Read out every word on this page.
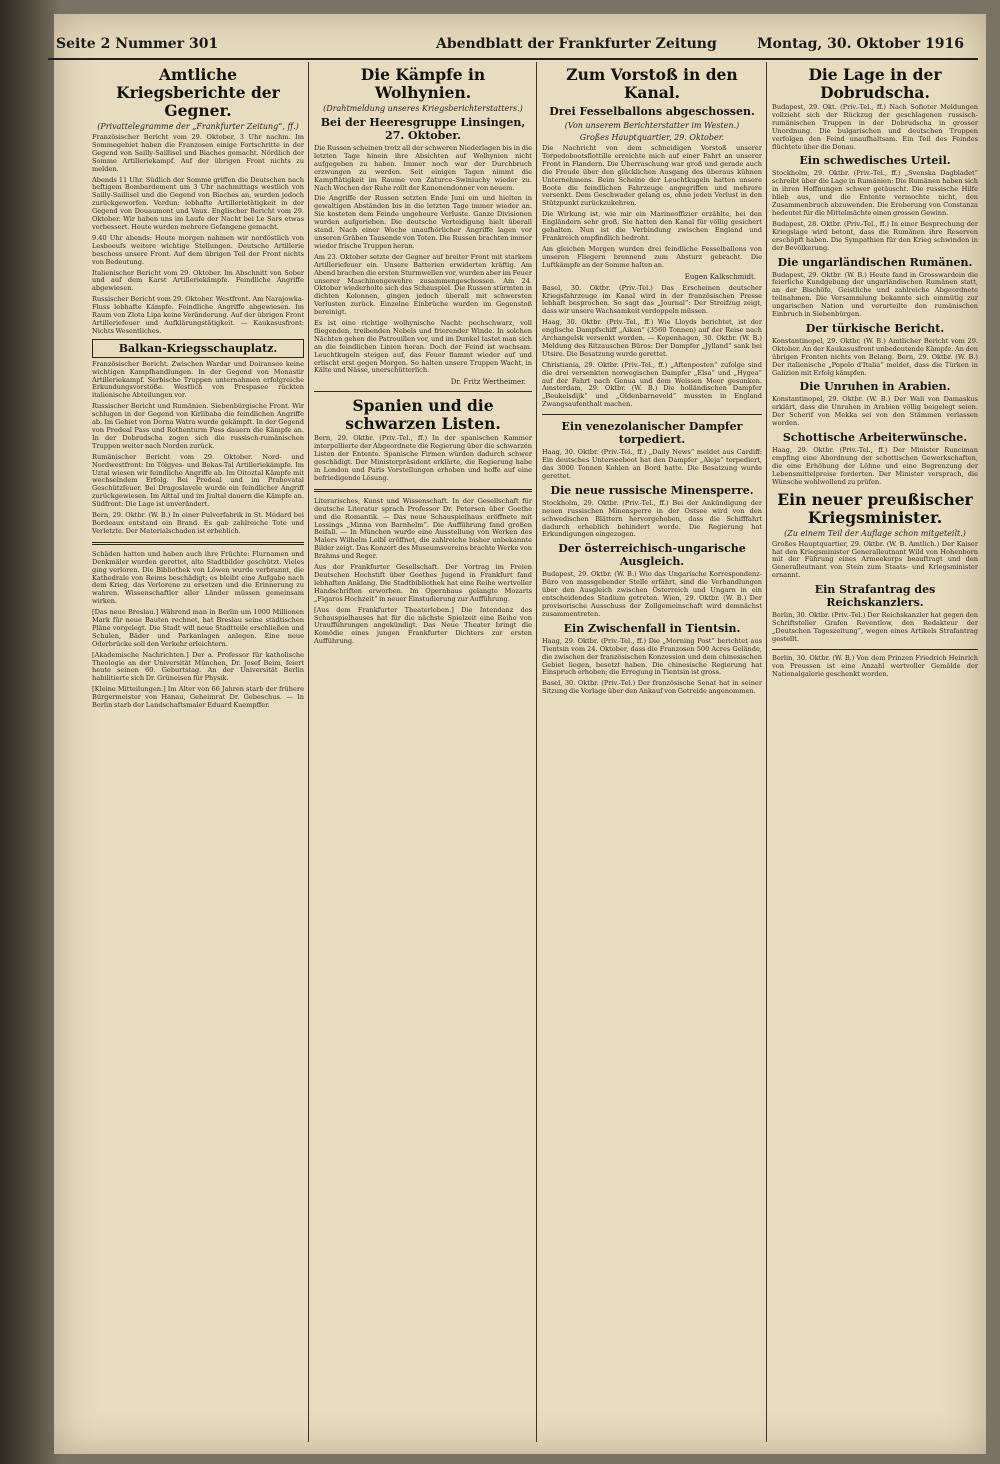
Seite 2 Nummer 301	Abendblatt der Frankfurter Zeitung	Montag, 30. Oktober 1916
Amtliche Kriegsberichte der Gegner.
(Privattelegramme der „Frankfurter Zeitung“, ff.)

Französischer Bericht vom 29. Oktober, 3 Uhr nachm. Im Sommegebiet haben die Franzosen einige Fortschritte in der Gegend von Sailly-Saillisel und Biaches gemacht. Nördlich der Somme Artilleriekampf. Auf der übrigen Front nichts zu melden.

Abends 11 Uhr. Südlich der Somme griffen die Deutschen nach heftigem Bombardement um 3 Uhr nachmittags westlich von Sailly-Saillisel und die Gegend von Biaches an, wurden jedoch zurückgeworfen. Verdun: lebhafte Artillerietätigkeit in der Gegend von Douaumont und Vaux. Englischer Bericht vom 29. Oktober. Wir haben uns im Laufe der Nacht bei Le Sars etwas verbessert. Heute wurden mehrere Gefangene gemacht.

9.40 Uhr abends: Heute morgen nahmen wir nordöstlich von Lesboeufs weitere wichtige Stellungen. Deutsche Artillerie beschoss unsere Front. Auf dem übrigen Teil der Front nichts von Bedeutung.

Italienischer Bericht vom 29. Oktober. Im Abschnitt von Sober und auf dem Karst Artilleriekämpfe. Feindliche Angriffe abgewiesen.

Russischer Bericht vom 29. Oktober. Westfront. Am Narajowka-Fluss lebhafte Kämpfe. Feindliche Angriffe abgewiesen. Im Raum von Zlota Lipa keine Veränderung. Auf der übrigen Front Artilleriefeuer und Aufklärungstätigkeit. — Kaukasusfront: Nichts Wesentliches.

Balkan-Kriegsschauplatz.

Französischer Bericht. Zwischen Wardar und Doiransee keine wichtigen Kampfhandlungen. In der Gegend von Monastir Artilleriekampf. Serbische Truppen unternahmen erfolgreiche Erkundungsvorstöße. Westlich von Prespasee rückten italienische Abteilungen vor.

Russischer Bericht und Rumänien. Siebenbürgische Front. Wir schlugen in der Gegend von Kirlibaba die feindlichen Angriffe ab. Im Gebiet von Dorna Watra wurde gekämpft. In der Gegend von Predeal Pass und Rothenturm Pass dauern die Kämpfe an. In der Dobrudscha zogen sich die russisch-rumänischen Truppen weiter nach Norden zurück.

Rumänischer Bericht vom 29. Oktober. Nord- und Nordwestfront: Im Tölgyes- und Bekas-Tal Artilleriekämpfe. Im Uztal wiesen wir feindliche Angriffe ab. Im Oitoztal Kämpfe mit wechselndem Erfolg. Bei Predeal und im Prahovatal Geschützfeuer. Bei Dragoslavele wurde ein feindlicher Angriff zurückgewiesen. Im Alttal und im Jiultal dauern die Kämpfe an. Südfront: Die Lage ist unverändert.

Bern, 29. Oktbr. (W. B.) In einer Pulverfabrik in St. Médard bei Bordeaux entstand ein Brand. Es gab zahlreiche Tote und Verletzte. Der Materialschaden ist erheblich.

Schäden hatten und haben auch ihre Früchte: Flurnamen und Denkmäler wurden gerettet, alte Stadtbilder geschützt. Vieles ging verloren. Die Bibliothek von Löwen wurde verbrannt, die Kathedrale von Reims beschädigt; es bleibt eine Aufgabe nach dem Krieg, das Verlorene zu ersetzen und die Erinnerung zu wahren. Wissenschaftler aller Länder müssen gemeinsam wirken.

[Das neue Breslau.] Während man in Berlin um 1000 Millionen Mark für neue Bauten rechnet, hat Breslau seine städtischen Pläne vorgelegt. Die Stadt will neue Stadtteile erschließen und Schulen, Bäder und Parkanlagen anlegen. Eine neue Oderbrücke soll den Verkehr erleichtern.

[Akademische Nachrichten.] Der a. Professor für katholische Theologie an der Universität München, Dr. Josef Beim, feiert heute seinen 60. Geburtstag. An der Universität Berlin habilitierte sich Dr. Grüneisen für Physik.

[Kleine Mitteilungen.] Im Alter von 66 Jahren starb der frühere Bürgermeister von Hanau, Geheimrat Dr. Gebeschus. — In Berlin starb der Landschaftsmaler Eduard Kaempffer.

Die Kämpfe in Wolhynien.
(Drahtmeldung unseres Kriegsberichterstatters.)
Bei der Heeresgruppe Linsingen, 27. Oktober.

Die Russen scheinen trotz all der schweren Niederlagen bis in die letzten Tage hinein ihre Absichten auf Wolhynien nicht aufgegeben zu haben. Immer noch war der Durchbruch erzwungen zu werden. Seit einigen Tagen nimmt die Kampftätigkeit im Raume von Zaturce–Swiniuchy wieder zu. Nach Wochen der Ruhe rollt der Kanonendonner von neuem.

Die Angriffe der Russen setzten Ende Juni ein und hielten in gewaltigen Abständen bis in die letzten Tage immer wieder an. Sie kosteten dem Feinde ungeheure Verluste. Ganze Divisionen wurden aufgerieben. Die deutsche Verteidigung hielt überall stand. Nach einer Woche unaufhörlicher Angriffe lagen vor unseren Gräben Tausende von Toten. Die Russen brachten immer wieder frische Truppen heran.

Am 23. Oktober setzte der Gegner auf breiter Front mit starkem Artilleriefeuer ein. Unsere Batterien erwiderten kräftig. Am Abend brachen die ersten Sturmwellen vor, wurden aber im Feuer unserer Maschinengewehre zusammengeschossen. Am 24. Oktober wiederholte sich das Schauspiel. Die Russen stürmten in dichten Kolonnen, gingen jedoch überall mit schwersten Verlusten zurück. Einzelne Einbrüche wurden im Gegenstoß bereinigt.

Es ist eine richtige wolhynische Nacht: pechschwarz, voll fliegenden, treibenden Nebels und frierender Winde. In solchen Nächten gehen die Patrouillen vor, und im Dunkel tastet man sich an die feindlichen Linien heran. Doch der Feind ist wachsam. Leuchtkugeln steigen auf, das Feuer flammt wieder auf und erlischt erst gegen Morgen. So halten unsere Truppen Wacht, in Kälte und Nässe, unerschütterlich.

Dr. Fritz Wertheimer.
Spanien und die schwarzen Listen.

Bern, 29. Oktbr. (Priv.-Tel., ff.) In der spanischen Kammer interpellierte der Abgeordnete die Regierung über die schwarzen Listen der Entente. Spanische Firmen würden dadurch schwer geschädigt. Der Ministerpräsident erklärte, die Regierung habe in London und Paris Vorstellungen erhoben und hoffe auf eine befriedigende Lösung.

Literarisches, Kunst und Wissenschaft. In der Gesellschaft für deutsche Literatur sprach Professor Dr. Petersen über Goethe und die Romantik. — Das neue Schauspielhaus eröffnete mit Lessings „Minna von Barnhelm“. Die Aufführung fand großen Beifall. — In München wurde eine Ausstellung von Werken des Malers Wilhelm Leibl eröffnet, die zahlreiche bisher unbekannte Bilder zeigt. Das Konzert des Museumsvereins brachte Werke von Brahms und Reger.

Aus der Frankfurter Gesellschaft. Der Vortrag im Freien Deutschen Hochstift über Goethes Jugend in Frankfurt fand lebhaften Anklang. Die Stadtbibliothek hat eine Reihe wertvoller Handschriften erworben. Im Opernhaus gelangte Mozarts „Figaros Hochzeit“ in neuer Einstudierung zur Aufführung.

[Aus dem Frankfurter Theaterleben.] Die Intendanz des Schauspielhauses hat für die nächste Spielzeit eine Reihe von Uraufführungen angekündigt. Das Neue Theater bringt die Komödie eines jungen Frankfurter Dichters zur ersten Aufführung.

Zum Vorstoß in den Kanal.
Drei Fesselballons abgeschossen.
(Von unserem Berichterstatter im Westen.)
Großes Hauptquartier, 29. Oktober.

Die Nachricht von dem schneidigen Vorstoß unserer Torpedobootsflottille erreichte mich auf einer Fahrt an unserer Front in Flandern. Die Überraschung war groß und gerade auch die Freude über den glücklichen Ausgang des überaus kühnen Unternehmens. Beim Scheine der Leuchtkugeln hatten unsere Boote die feindlichen Fahrzeuge angegriffen und mehrere versenkt. Dem Geschwader gelang es, ohne jeden Verlust in den Stützpunkt zurückzukehren.

Die Wirkung ist, wie mir ein Marineoffizier erzählte, bei den Engländern sehr groß. Sie hatten den Kanal für völlig gesichert gehalten. Nun ist die Verbindung zwischen England und Frankreich empfindlich bedroht.

Am gleichen Morgen wurden drei feindliche Fesselballons von unseren Fliegern brennend zum Absturz gebracht. Die Luftkämpfe an der Somme halten an.

Eugen Kalkschmidt.

Basel, 30. Oktbr. (Priv.-Tel.) Das Erscheinen deutscher Kriegsfahrzeuge im Kanal wird in der französischen Presse lebhaft besprochen. So sagt das „Journal“: Der Streifzug zeigt, dass wir unsere Wachsamkeit verdoppeln müssen.

Haag, 30. Oktbr. (Priv.-Tel., ff.) Wie Lloyds berichtet, ist der englische Dampfschiff „Aiken“ (3560 Tonnen) auf der Reise nach Archangelsk versenkt worden. — Kopenhagen, 30. Oktbr. (W. B.) Meldung des Ritzauschen Büros: Der Dampfer „Jylland“ sank bei Utsire. Die Besatzung wurde gerettet.

Christiania, 29. Oktbr. (Priv.-Tel., ff.) „Aftenposten“ zufolge sind die drei versenkten norwegischen Dampfer „Elsa“ und „Hygea“ auf der Fahrt nach Genua und dem Weissen Meer gesunken. Amsterdam, 29. Oktbr. (W. B.) Die holländischen Dampfer „Beukelsdijk“ und „Oldenbarneveld“ mussten in England Zwangsaufenthalt machen.

Ein venezolanischer Dampfer torpediert.

Haag, 30. Oktbr. (Priv.-Tel., ff.) „Daily News“ meldet aus Cardiff: Ein deutsches Unterseeboot hat den Dampfer „Aleja“ torpediert, das 3000 Tonnen Kohlen an Bord hatte. Die Besatzung wurde gerettet.

Die neue russische Minensperre.

Stockholm, 29. Oktbr. (Priv.-Tel., ff.) Bei der Ankündigung der neuen russischen Minensperre in der Ostsee wird von den schwedischen Blättern hervorgehoben, dass die Schifffahrt dadurch erheblich behindert werde. Die Regierung hat Erkundigungen eingezogen.

Der österreichisch-ungarische Ausgleich.

Budapest, 29. Oktbr. (W. B.) Wie das Ungarische Korrespondenz-Büro von massgebender Stelle erfährt, sind die Verhandlungen über den Ausgleich zwischen Österreich und Ungarn in ein entscheidendes Stadium getreten. Wien, 29. Oktbr. (W. B.) Der provisorische Ausschuss der Zollgemeinschaft wird demnächst zusammentreten.

Ein Zwischenfall in Tientsin.

Haag, 29. Oktbr. (Priv.-Tel., ff.) Die „Morning Post“ berichtet aus Tientsin vom 24. Oktober, dass die Franzosen 500 Acres Gelände, die zwischen der französischen Konzession und dem chinesischen Gebiet liegen, besetzt haben. Die chinesische Regierung hat Einspruch erhoben; die Erregung in Tientsin ist gross.

Basel, 30. Oktbr. (Priv.-Tel.) Der französische Senat hat in seiner Sitzung die Vorlage über den Ankauf von Getreide angenommen.

Die Lage in der Dobrudscha.

Budapest, 29. Okt. (Priv.-Tel., ff.) Nach Sofioter Meldungen vollzieht sich der Rückzug der geschlagenen russisch-rumänischen Truppen in der Dobrudscha in grosser Unordnung. Die bulgarischen und deutschen Truppen verfolgen den Feind unaufhaltsam. Ein Teil des Feindes flüchtete über die Donau.

Ein schwedisches Urteil.

Stockholm, 29. Oktbr. (Priv.-Tel., ff.) „Svenska Dagbladet“ schreibt über die Lage in Rumänien: Die Rumänen haben sich in ihren Hoffnungen schwer getäuscht. Die russische Hilfe blieb aus, und die Entente vermochte nicht, den Zusammenbruch abzuwenden. Die Eroberung von Constanza bedeutet für die Mittelmächte einen grossen Gewinn.

Budapest, 28. Oktbr. (Priv.-Tel., ff.) In einer Besprechung der Kriegslage wird betont, dass die Rumänen ihre Reserven erschöpft haben. Die Sympathien für den Krieg schwinden in der Bevölkerung.

Die ungarländischen Rumänen.

Budapest, 29. Oktbr. (W. B.) Heute fand in Grosswardein die feierliche Kundgebung der ungarländischen Rumänen statt, an der Bischöfe, Geistliche und zahlreiche Abgeordnete teilnahmen. Die Versammlung bekannte sich einmütig zur ungarischen Nation und verurteilte den rumänischen Einbruch in Siebenbürgen.

Der türkische Bericht.

Konstantinopel, 29. Oktbr. (W. B.) Amtlicher Bericht vom 29. Oktober. An der Kaukasusfront unbedeutende Kämpfe. An den übrigen Fronten nichts von Belang. Bern, 29. Oktbr. (W. B.) Der italienische „Popolo d'Italia“ meldet, dass die Türken in Galizien mit Erfolg kämpfen.

Die Unruhen in Arabien.

Konstantinopel, 29. Oktbr. (W. B.) Der Wali von Damaskus erklärt, dass die Unruhen in Arabien völlig beigelegt seien. Der Scherif von Mekka sei von den Stämmen verlassen worden.

Schottische Arbeiterwünsche.

Haag, 29. Oktbr. (Priv.-Tel., ff.) Der Minister Runciman empfing eine Abordnung der schottischen Gewerkschaften, die eine Erhöhung der Löhne und eine Begrenzung der Lebensmittelpreise forderten. Der Minister versprach, die Wünsche wohlwollend zu prüfen.

Ein neuer preußischer Kriegsminister.
(Zu einem Teil der Auflage schon mitgeteilt.)

Großes Hauptquartier, 29. Oktbr. (W. B. Amtlich.) Der Kaiser hat den Kriegsminister Generalleutnant Wild von Hohenborn mit der Führung eines Armeekorps beauftragt und den Generalleutnant von Stein zum Staats- und Kriegsminister ernannt.

Ein Strafantrag des Reichskanzlers.

Berlin, 30. Oktbr. (Priv.-Tel.) Der Reichskanzler hat gegen den Schriftsteller Grafen Reventlow, den Redakteur der „Deutschen Tageszeitung“, wegen eines Artikels Strafantrag gestellt.

Berlin, 30. Oktbr. (W. B.) Von dem Prinzen Friedrich Heinrich von Preussen ist eine Anzahl wertvoller Gemälde der Nationalgalerie geschenkt worden.
